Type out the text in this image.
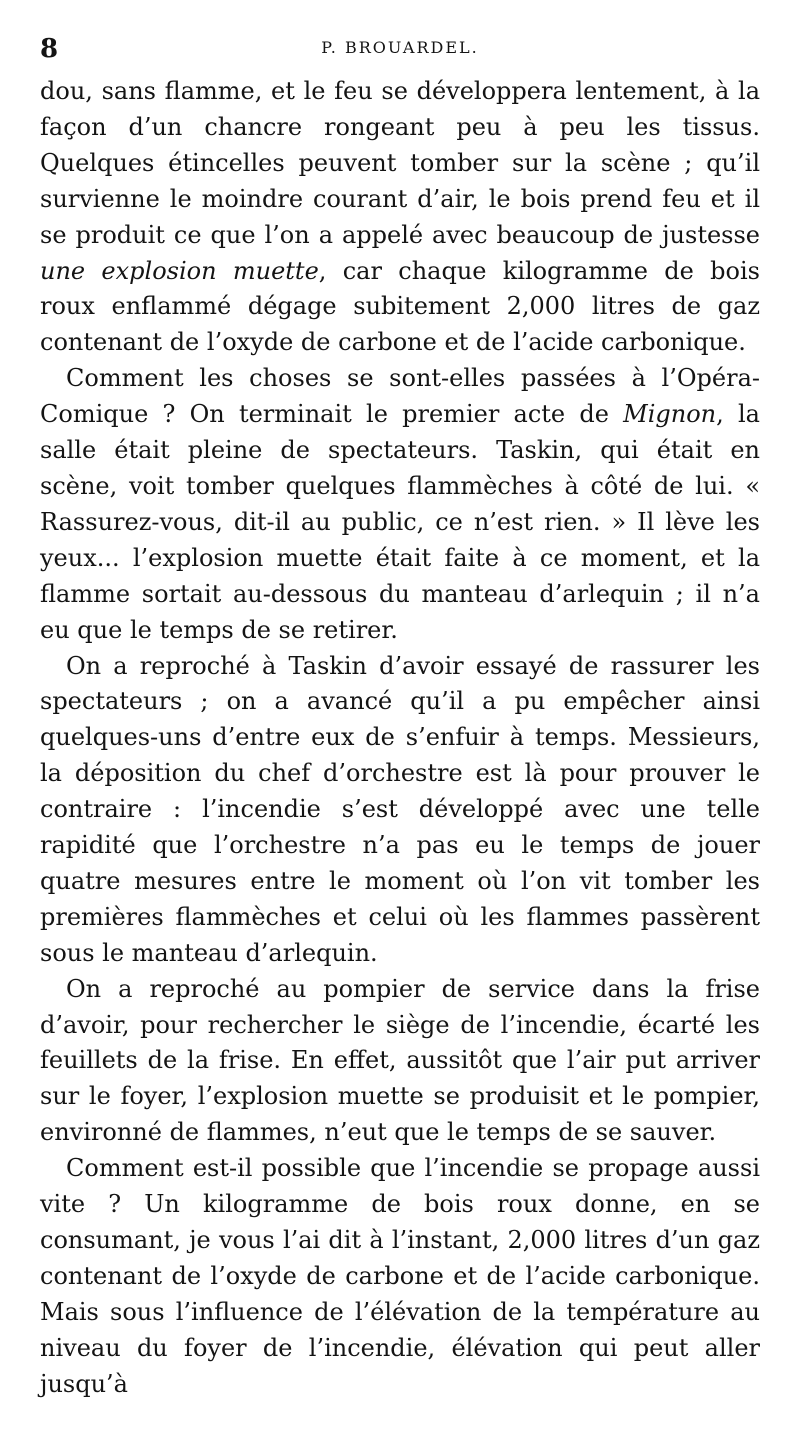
8	P. BROUARDEL.

dou, sans flamme, et le feu se développera lentement, à la façon d’un chancre rongeant peu à peu les tissus. Quelques étincelles peuvent tomber sur la scène ; qu’il survienne le moindre courant d’air, le bois prend feu et il se produit ce que l’on a appelé avec beaucoup de justesse une explosion muette, car chaque kilogramme de bois roux enflammé dégage subitement 2,000 litres de gaz contenant de l’oxyde de carbone et de l’acide carbonique.

Comment les choses se sont-elles passées à l’Opéra-Comique ? On terminait le premier acte de Mignon, la salle était pleine de spectateurs. Taskin, qui était en scène, voit tomber quelques flammèches à côté de lui. « Rassurez-vous, dit-il au public, ce n’est rien. » Il lève les yeux... l’explosion muette était faite à ce moment, et la flamme sortait au-dessous du manteau d’arlequin ; il n’a eu que le temps de se retirer.

On a reproché à Taskin d’avoir essayé de rassurer les spectateurs ; on a avancé qu’il a pu empêcher ainsi quelques-uns d’entre eux de s’enfuir à temps. Messieurs, la déposition du chef d’orchestre est là pour prouver le contraire : l’incendie s’est développé avec une telle rapidité que l’orchestre n’a pas eu le temps de jouer quatre mesures entre le moment où l’on vit tomber les premières flammèches et celui où les flammes passèrent sous le manteau d’arlequin.

On a reproché au pompier de service dans la frise d’avoir, pour rechercher le siège de l’incendie, écarté les feuillets de la frise. En effet, aussitôt que l’air put arriver sur le foyer, l’explosion muette se produisit et le pompier, environné de flammes, n’eut que le temps de se sauver.

Comment est-il possible que l’incendie se propage aussi vite ? Un kilogramme de bois roux donne, en se consumant, je vous l’ai dit à l’instant, 2,000 litres d’un gaz contenant de l’oxyde de carbone et de l’acide carbonique. Mais sous l’influence de l’élévation de la température au niveau du foyer de l’incendie, élévation qui peut aller jusqu’à
